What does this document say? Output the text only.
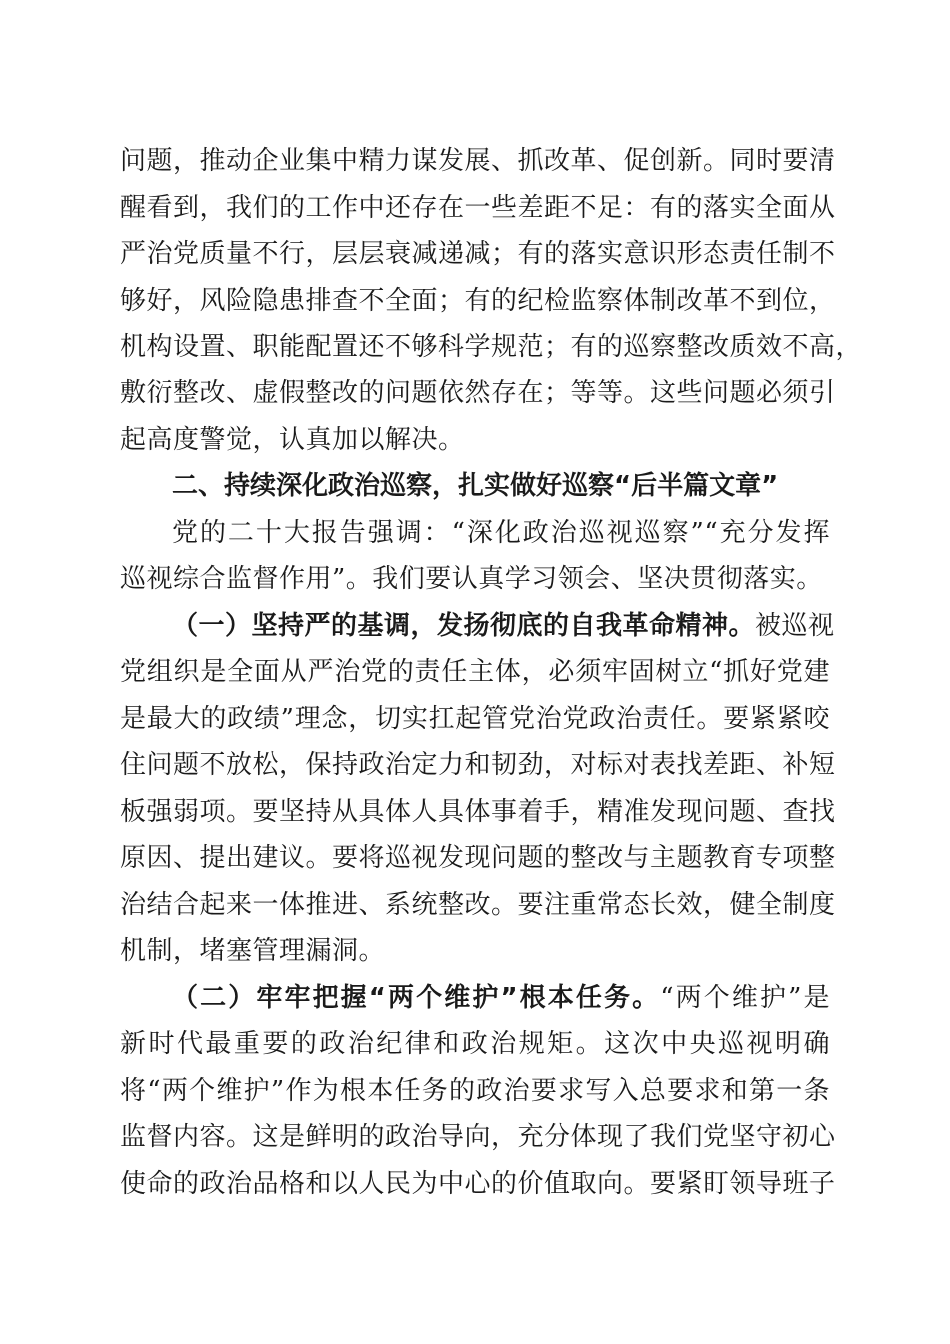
问题，推动企业集中精力谋发展、抓改革、促创新。同时要清
醒看到，我们的工作中还存在一些差距不足：有的落实全面从
严治党质量不行，层层衰减递减；有的落实意识形态责任制不
够好，风险隐患排查不全面；有的纪检监察体制改革不到位，
机构设置、职能配置还不够科学规范；有的巡察整改质效不高，
敷衍整改、虚假整改的问题依然存在；等等。这些问题必须引
起高度警觉，认真加以解决。
二、持续深化政治巡察，扎实做好巡察“后半篇文章”
党的二十大报告强调：“深化政治巡视巡察”“充分发挥
巡视综合监督作用”。我们要认真学习领会、坚决贯彻落实。
（一）坚持严的基调，发扬彻底的自我革命精神。被巡视
党组织是全面从严治党的责任主体，必须牢固树立“抓好党建
是最大的政绩”理念，切实扛起管党治党政治责任。要紧紧咬
住问题不放松，保持政治定力和韧劲，对标对表找差距、补短
板强弱项。要坚持从具体人具体事着手，精准发现问题、查找
原因、提出建议。要将巡视发现问题的整改与主题教育专项整
治结合起来一体推进、系统整改。要注重常态长效，健全制度
机制，堵塞管理漏洞。
（二）牢牢把握“两个维护”根本任务。“两个维护”是
新时代最重要的政治纪律和政治规矩。这次中央巡视明确
将“两个维护”作为根本任务的政治要求写入总要求和第一条
监督内容。这是鲜明的政治导向，充分体现了我们党坚守初心
使命的政治品格和以人民为中心的价值取向。要紧盯领导班子
